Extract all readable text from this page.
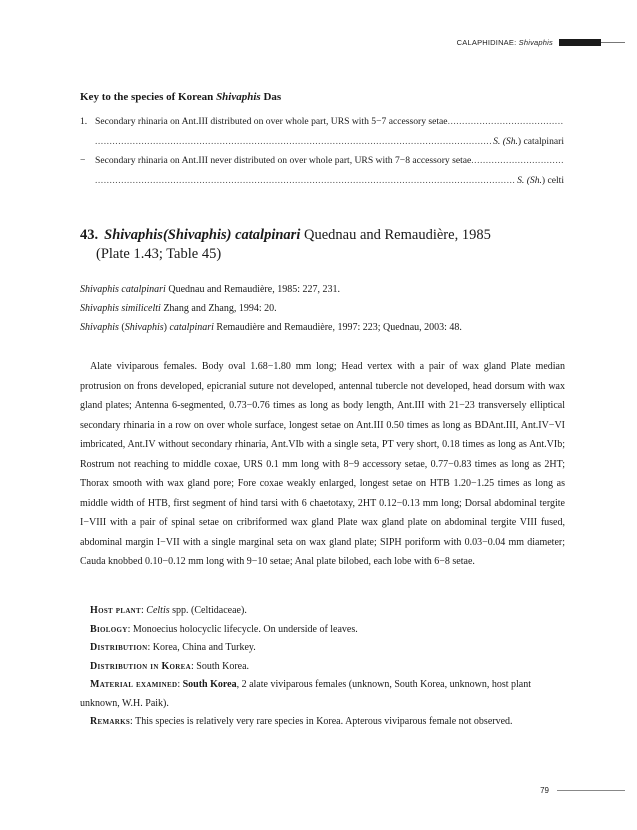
CALAPHIDINAE: Shivaphis
Key to the species of Korean Shivaphis Das
1. Secondary rhinaria on Ant.III distributed on over whole part, URS with 5−7 accessory setae
.....
.....
S. (Sh.) catalpinari
− Secondary rhinaria on Ant.III never distributed on over whole part, URS with 7−8 accessory setae
.....
.....
S. (Sh.) celti
43. Shivaphis(Shivaphis) catalpinari Quednau and Remaudière, 1985
(Plate 1.43; Table 45)
Shivaphis catalpinari Quednau and Remaudière, 1985: 227, 231.
Shivaphis similicelti Zhang and Zhang, 1994: 20.
Shivaphis (Shivaphis) catalpinari Remaudière and Remaudière, 1997: 223; Quednau, 2003: 48.

Alate viviparous females. Body oval 1.68−1.80 mm long; Head vertex with a pair of wax gland Plate median protrusion on frons developed, epicranial suture not developed, antennal tubercle not developed, head dorsum with wax gland plates; Antenna 6-segmented, 0.73−0.76 times as long as body length, Ant.III with 21−23 transversely elliptical secondary rhinaria in a row on over whole surface, longest setae on Ant.III 0.50 times as long as BDAnt.III, Ant.IV−VI imbricated, Ant.IV without secondary rhinaria, Ant.VIb with a single seta, PT very short, 0.18 times as long as Ant.VIb; Rostrum not reaching to middle coxae, URS 0.1 mm long with 8−9 accessory setae, 0.77−0.83 times as long as 2HT; Thorax smooth with wax gland pore; Fore coxae weakly enlarged, longest setae on HTB 1.20−1.25 times as long as middle width of HTB, first segment of hind tarsi with 6 chaetotaxy, 2HT 0.12−0.13 mm long; Dorsal abdominal tergite I−VIII with a pair of spinal setae on cribriformed wax gland Plate wax gland plate on abdominal tergite VIII fused, abdominal margin I−VII with a single marginal seta on wax gland plate; SIPH poriform with 0.03−0.04 mm diameter; Cauda knobbed 0.10−0.12 mm long with 9−10 setae; Anal plate bilobed, each lobe with 6−8 setae.

Host plant: Celtis spp. (Celtidaceae).

Biology: Monoecius holocyclic lifecycle. On underside of leaves.

Distribution: Korea, China and Turkey.

Distribution in Korea: South Korea.

Material examined: South Korea, 2 alate viviparous females (unknown, South Korea, unknown, host plant unknown, W.H. Paik).

Remarks: This species is relatively very rare species in Korea. Apterous viviparous female not observed.

79
